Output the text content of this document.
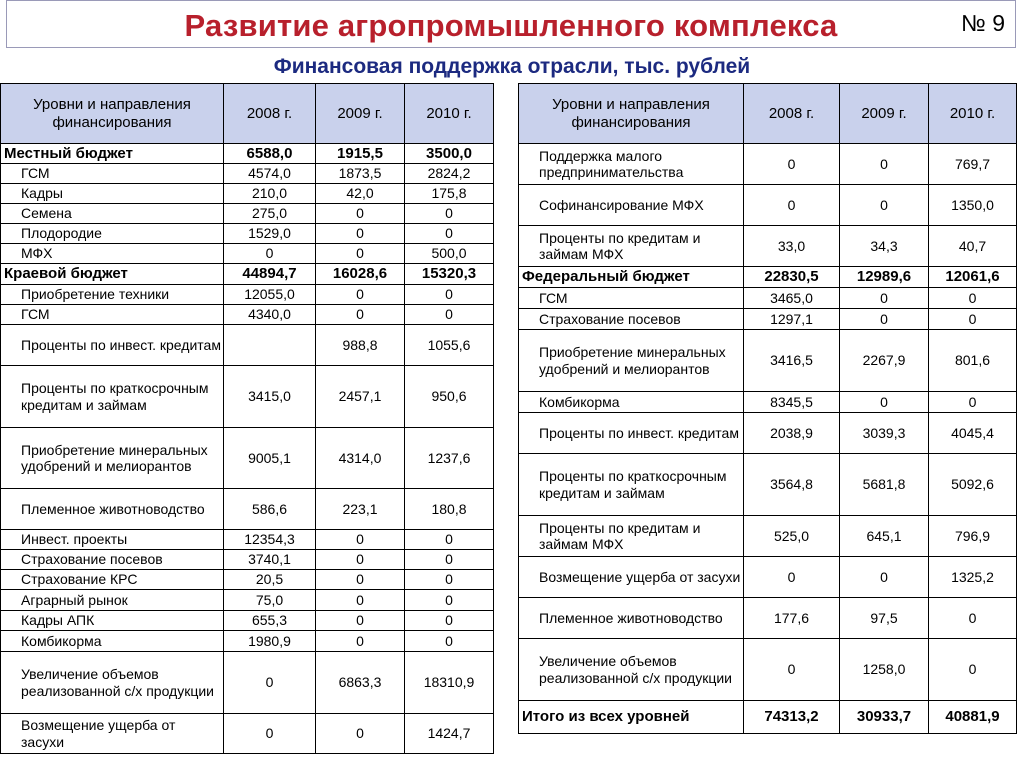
Развитие агропромышленного комплекса	№ 9
Финансовая поддержка отрасли, тыс. рублей
Уровни и направления финансирования	2008 г.	2009 г.	2010 г.
Местный бюджет	6588,0	1915,5	3500,0
ГСМ	4574,0	1873,5	2824,2
Кадры	210,0	42,0	175,8
Семена	275,0	0	0
Плодородие	1529,0	0	0
МФХ	0	0	500,0
Краевой бюджет	44894,7	16028,6	15320,3
Приобретение техники	12055,0	0	0
ГСМ	4340,0	0	0
Проценты по инвест. кредитам		988,8	1055,6
Проценты по краткосрочным кредитам и займам	3415,0	2457,1	950,6
Приобретение минеральных удобрений и мелиорантов	9005,1	4314,0	1237,6
Племенное животноводство	586,6	223,1	180,8
Инвест. проекты	12354,3	0	0
Страхование посевов	3740,1	0	0
Страхование КРС	20,5	0	0
Аграрный рынок	75,0	0	0
Кадры АПК	655,3	0	0
Комбикорма	1980,9	0	0
Увеличение объемов реализованной с/х продукции	0	6863,3	18310,9
Возмещение ущерба от засухи	0	0	1424,7
Уровни и направления финансирования	2008 г.	2009 г.	2010 г.
Поддержка малого предпринимательства	0	0	769,7
Софинансирование МФХ	0	0	1350,0
Проценты по кредитам и займам МФХ	33,0	34,3	40,7
Федеральный бюджет	22830,5	12989,6	12061,6
ГСМ	3465,0	0	0
Страхование посевов	1297,1	0	0
Приобретение минеральных удобрений и мелиорантов	3416,5	2267,9	801,6
Комбикорма	8345,5	0	0
Проценты по инвест. кредитам	2038,9	3039,3	4045,4
Проценты по краткосрочным кредитам и займам	3564,8	5681,8	5092,6
Проценты по кредитам и займам МФХ	525,0	645,1	796,9
Возмещение ущерба от засухи	0	0	1325,2
Племенное животноводство	177,6	97,5	0
Увеличение объемов реализованной с/х продукции	0	1258,0	0
Итого из всех уровней	74313,2	30933,7	40881,9
